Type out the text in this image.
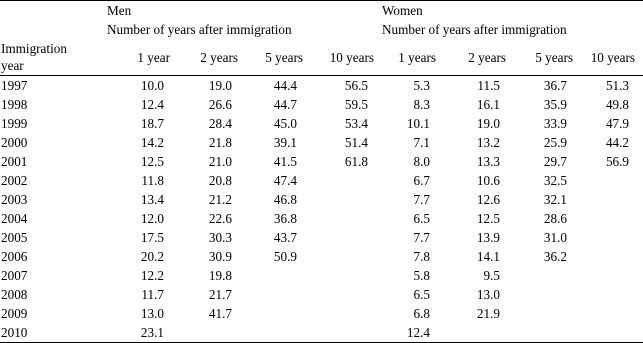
	Men				Women			
	Number of years after immigration				Number of years after immigration			
Immigration
year	1 year	2 years	5 years	10 years	1 years	2 years	5 years	10 years
1997	10.0	19.0	44.4	56.5	5.3	11.5	36.7	51.3
1998	12.4	26.6	44.7	59.5	8.3	16.1	35.9	49.8
1999	18.7	28.4	45.0	53.4	10.1	19.0	33.9	47.9
2000	14.2	21.8	39.1	51.4	7.1	13.2	25.9	44.2
2001	12.5	21.0	41.5	61.8	8.0	13.3	29.7	56.9
2002	11.8	20.8	47.4		6.7	10.6	32.5	
2003	13.4	21.2	46.8		7.7	12.6	32.1	
2004	12.0	22.6	36.8		6.5	12.5	28.6	
2005	17.5	30.3	43.7		7.7	13.9	31.0	
2006	20.2	30.9	50.9		7.8	14.1	36.2	
2007	12.2	19.8			5.8	9.5		
2008	11.7	21.7			6.5	13.0		
2009	13.0	41.7			6.8	21.9		
2010	23.1				12.4			
